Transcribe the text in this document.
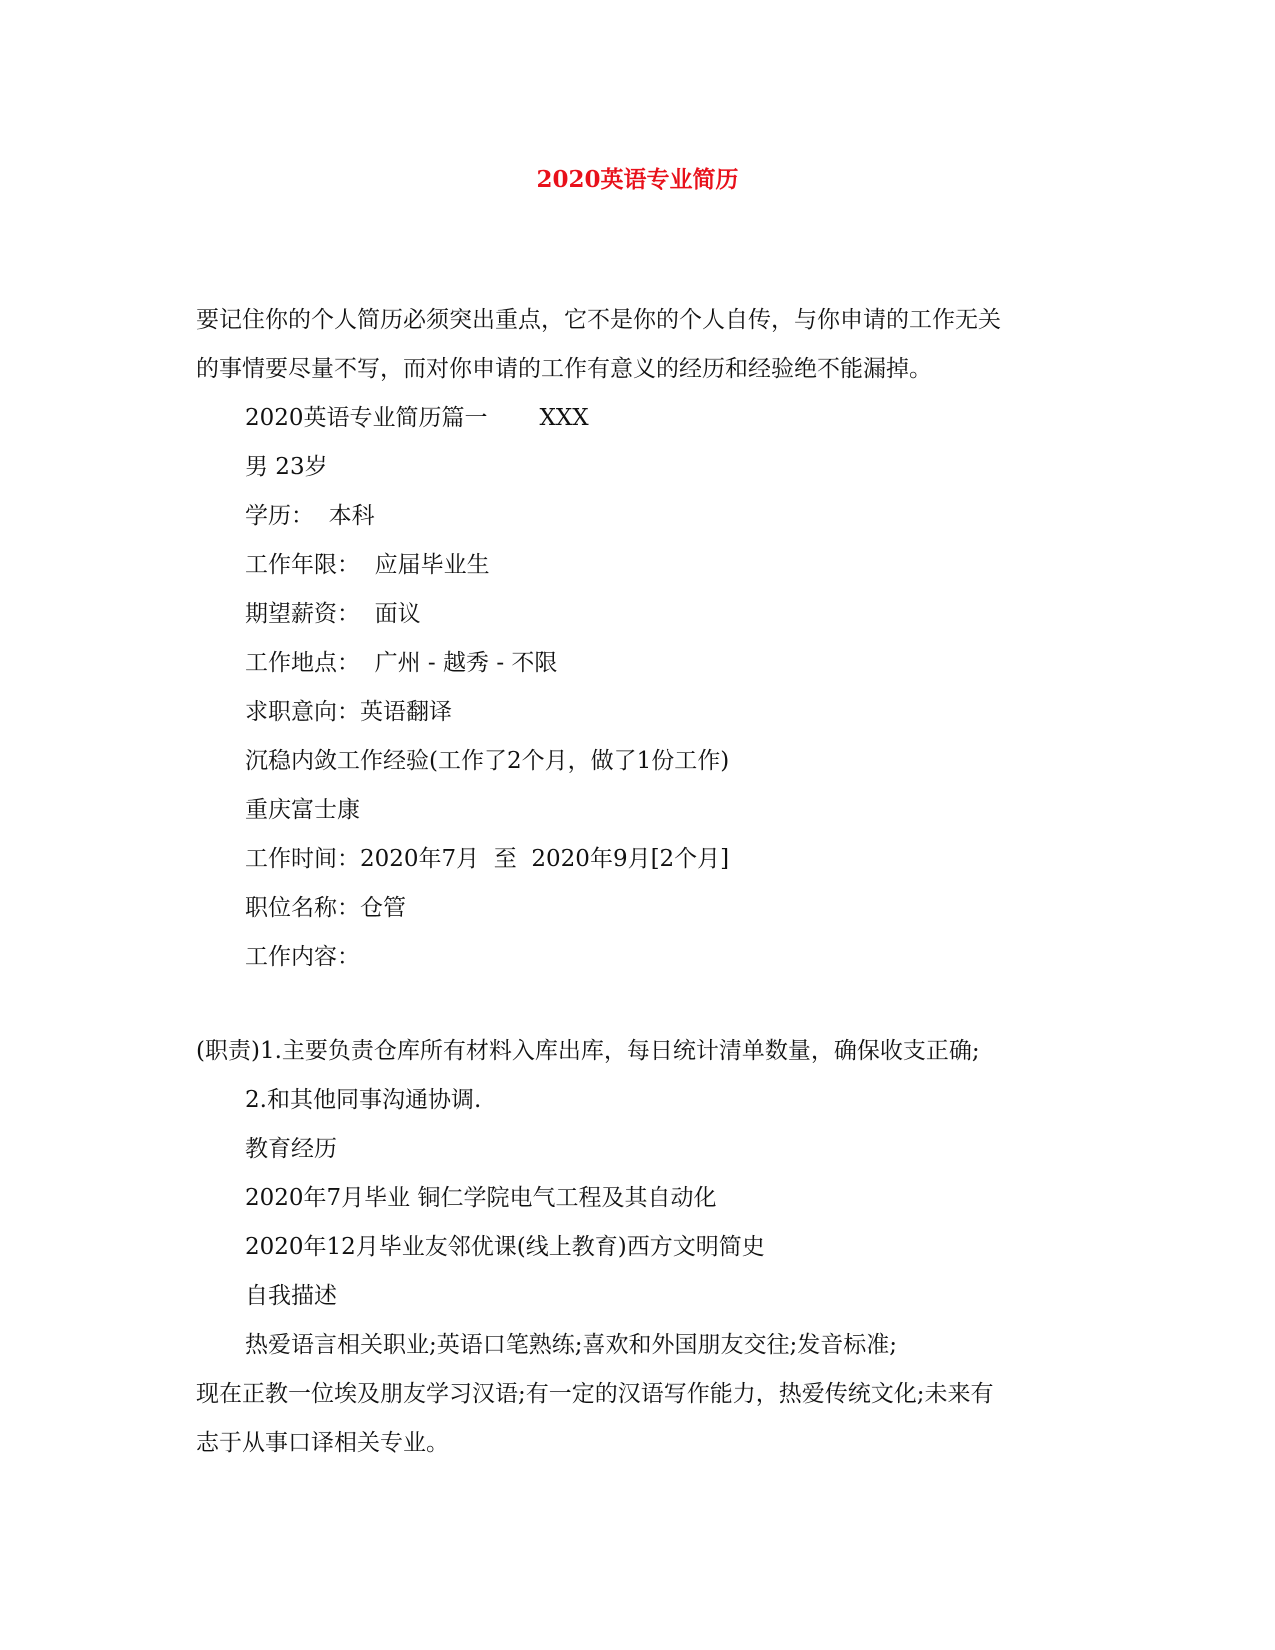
2020英语专业简历
要记住你的个人简历必须突出重点，它不是你的个人自传，与你申请的工作无关
的事情要尽量不写，而对你申请的工作有意义的经历和经验绝不能漏掉。
2020英语专业简历篇一 XXX
男 23岁
学历：  本科
工作年限：  应届毕业生
期望薪资：  面议
工作地点：  广州 - 越秀 - 不限
求职意向：英语翻译
沉稳内敛工作经验(工作了2个月，做了1份工作)
重庆富士康
工作时间：2020年7月  至  2020年9月[2个月]
职位名称：仓管
工作内容：
(职责)1.主要负责仓库所有材料入库出库，每日统计清单数量，确保收支正确;
2.和其他同事沟通协调.
教育经历
2020年7月毕业 铜仁学院电气工程及其自动化
2020年12月毕业友邻优课(线上教育)西方文明简史
自我描述
热爱语言相关职业;英语口笔熟练;喜欢和外国朋友交往;发音标准;
现在正教一位埃及朋友学习汉语;有一定的汉语写作能力，热爱传统文化;未来有
志于从事口译相关专业。
